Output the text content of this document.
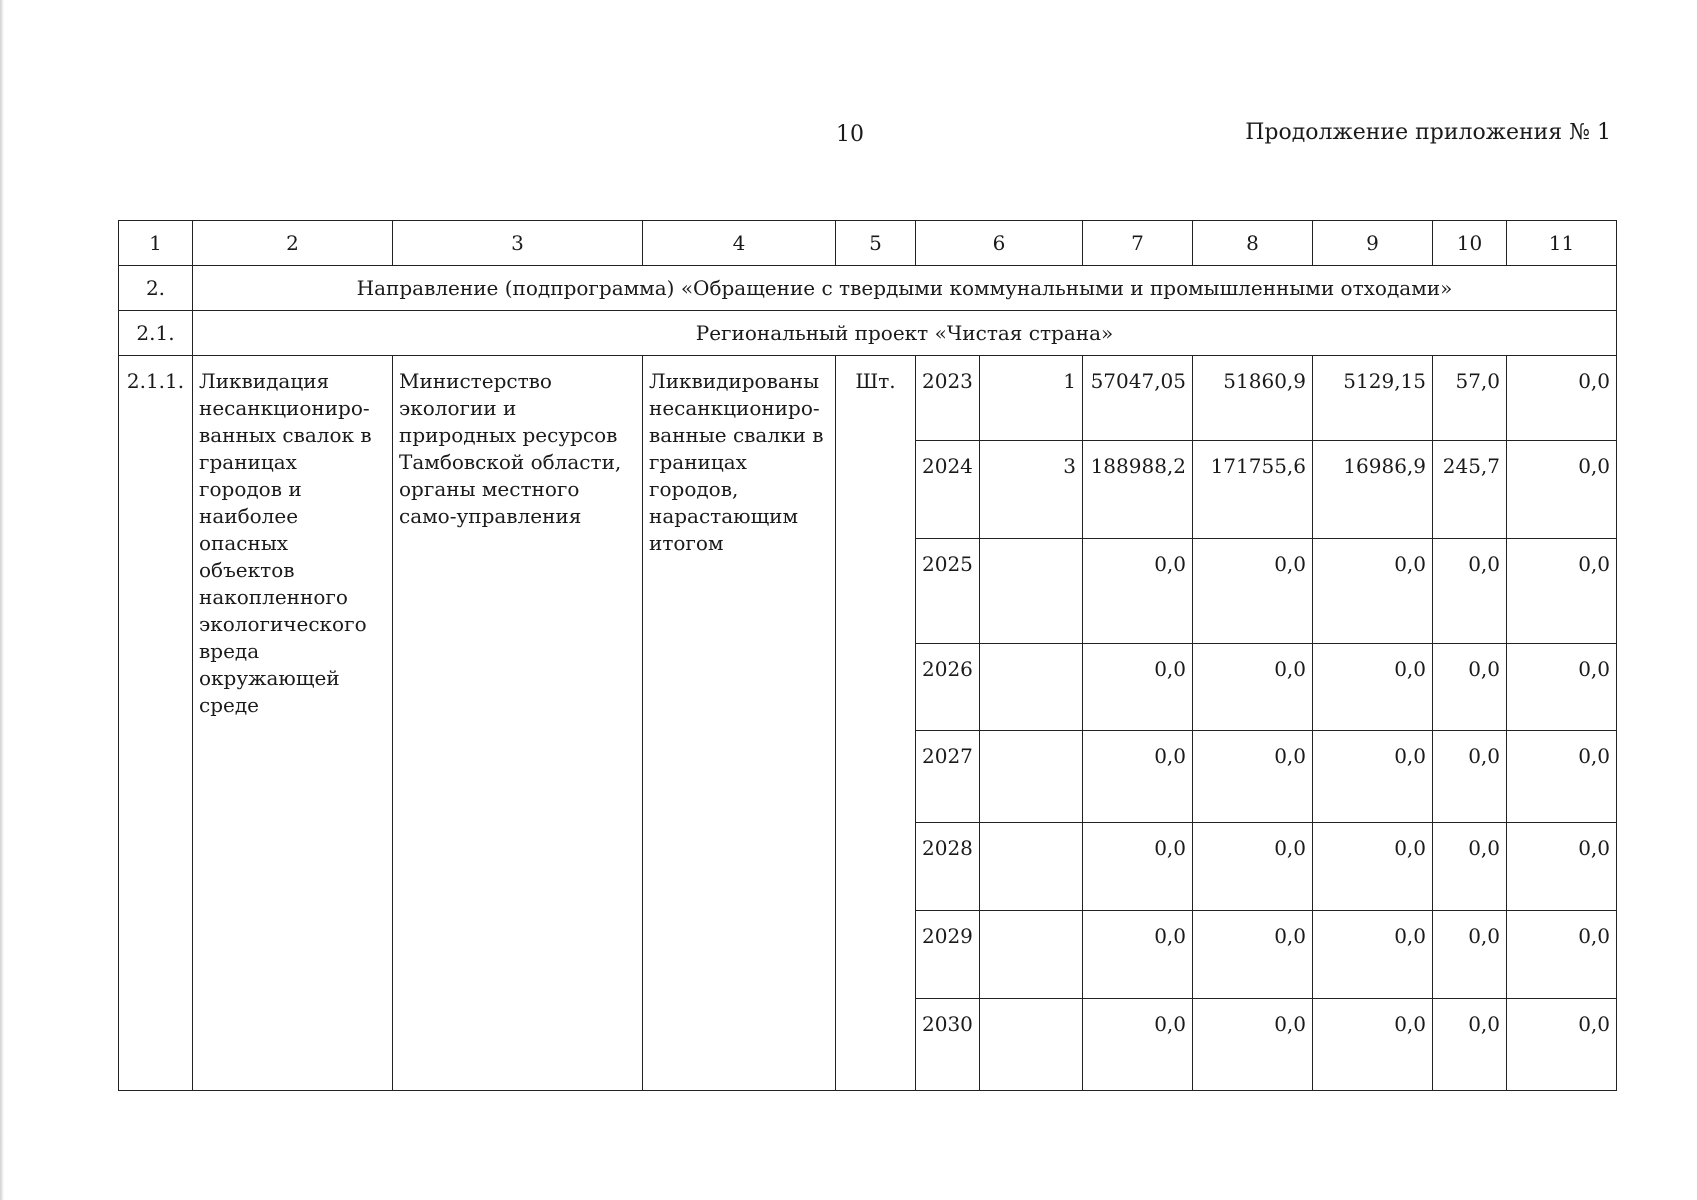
10	Продолжение приложения № 1
1	2	3	4	5	6		7	8	9	10	11
2.	Направление (подпрограмма) «Обращение с твердыми коммунальными и промышленными отходами»										
2.1.	Региональный проект «Чистая страна»										
2.1.1.	Ликвидация несанкциониро-ванных свалок в границах городов и наиболее опасных объектов накопленного экологического вреда окружающей среде	Министерство экологии и природных ресурсов Тамбовской области, органы местного само-управления	Ликвидированы несанкциониро-ванные свалки в границах городов, нарастающим итогом	Шт.	2023	1	57047,05	51860,9	5129,15	57,0	0,0
					2024	3	188988,2	171755,6	16986,9	245,7	0,0
					2025		0,0	0,0	0,0	0,0	0,0
					2026		0,0	0,0	0,0	0,0	0,0
					2027		0,0	0,0	0,0	0,0	0,0
					2028		0,0	0,0	0,0	0,0	0,0
					2029		0,0	0,0	0,0	0,0	0,0
					2030		0,0	0,0	0,0	0,0	0,0
